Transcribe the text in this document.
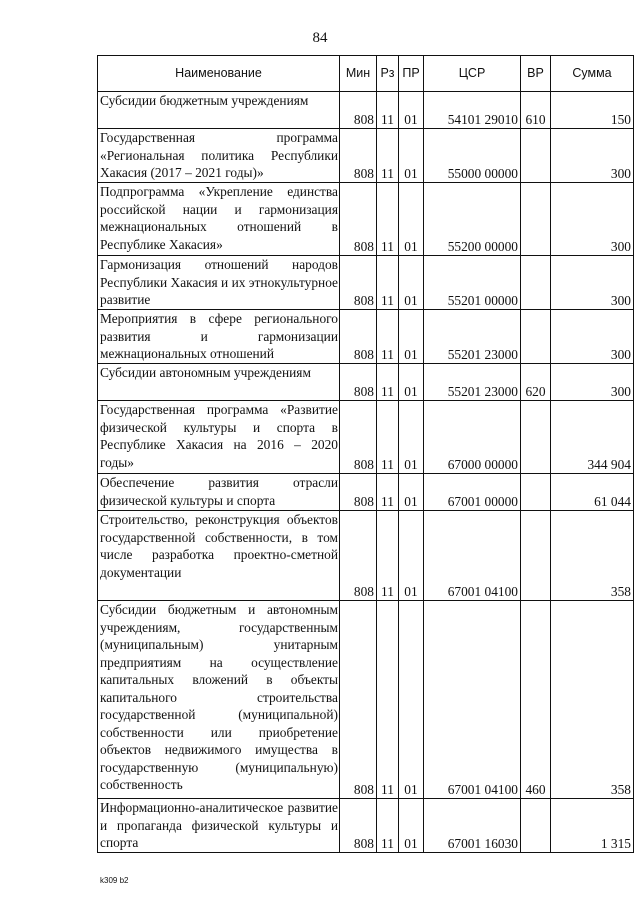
84
Наименование	Мин	Рз	ПР	ЦСР	ВР	Сумма
Субсидии бюджетным учреждениям	808	11	01	54101 29010	610	150
Государственная программа «Региональная политика Республики Хакасия (2017 – 2021 годы)»	808	11	01	55000 00000		300
Подпрограмма «Укрепление единства российской нации и гармонизация межнациональных отношений в Республике Хакасия»	808	11	01	55200 00000		300
Гармонизация отношений народов Республики Хакасия и их этнокультурное развитие	808	11	01	55201 00000		300
Мероприятия в сфере регионального развития и гармонизации межнациональных отношений	808	11	01	55201 23000		300
Субсидии автономным учреждениям	808	11	01	55201 23000	620	300
Государственная программа «Развитие физической культуры и спорта в Республике Хакасия на 2016 – 2020 годы»	808	11	01	67000 00000		344 904
Обеспечение развития отрасли физической культуры и спорта	808	11	01	67001 00000		61 044
Строительство, реконструкция объектов государственной собственности, в том числе разработка проектно-сметной документации	808	11	01	67001 04100		358
Субсидии бюджетным и автономным учреждениям, государственным (муниципальным) унитарным предприятиям на осуществление капитальных вложений в объекты капитального строительства государственной (муниципальной) собственности или приобретение объектов недвижимого имущества в государственную (муниципальную) собственность	808	11	01	67001 04100	460	358
Информационно-аналитическое развитие и пропаганда физической культуры и спорта	808	11	01	67001 16030		1 315
k309 b2
